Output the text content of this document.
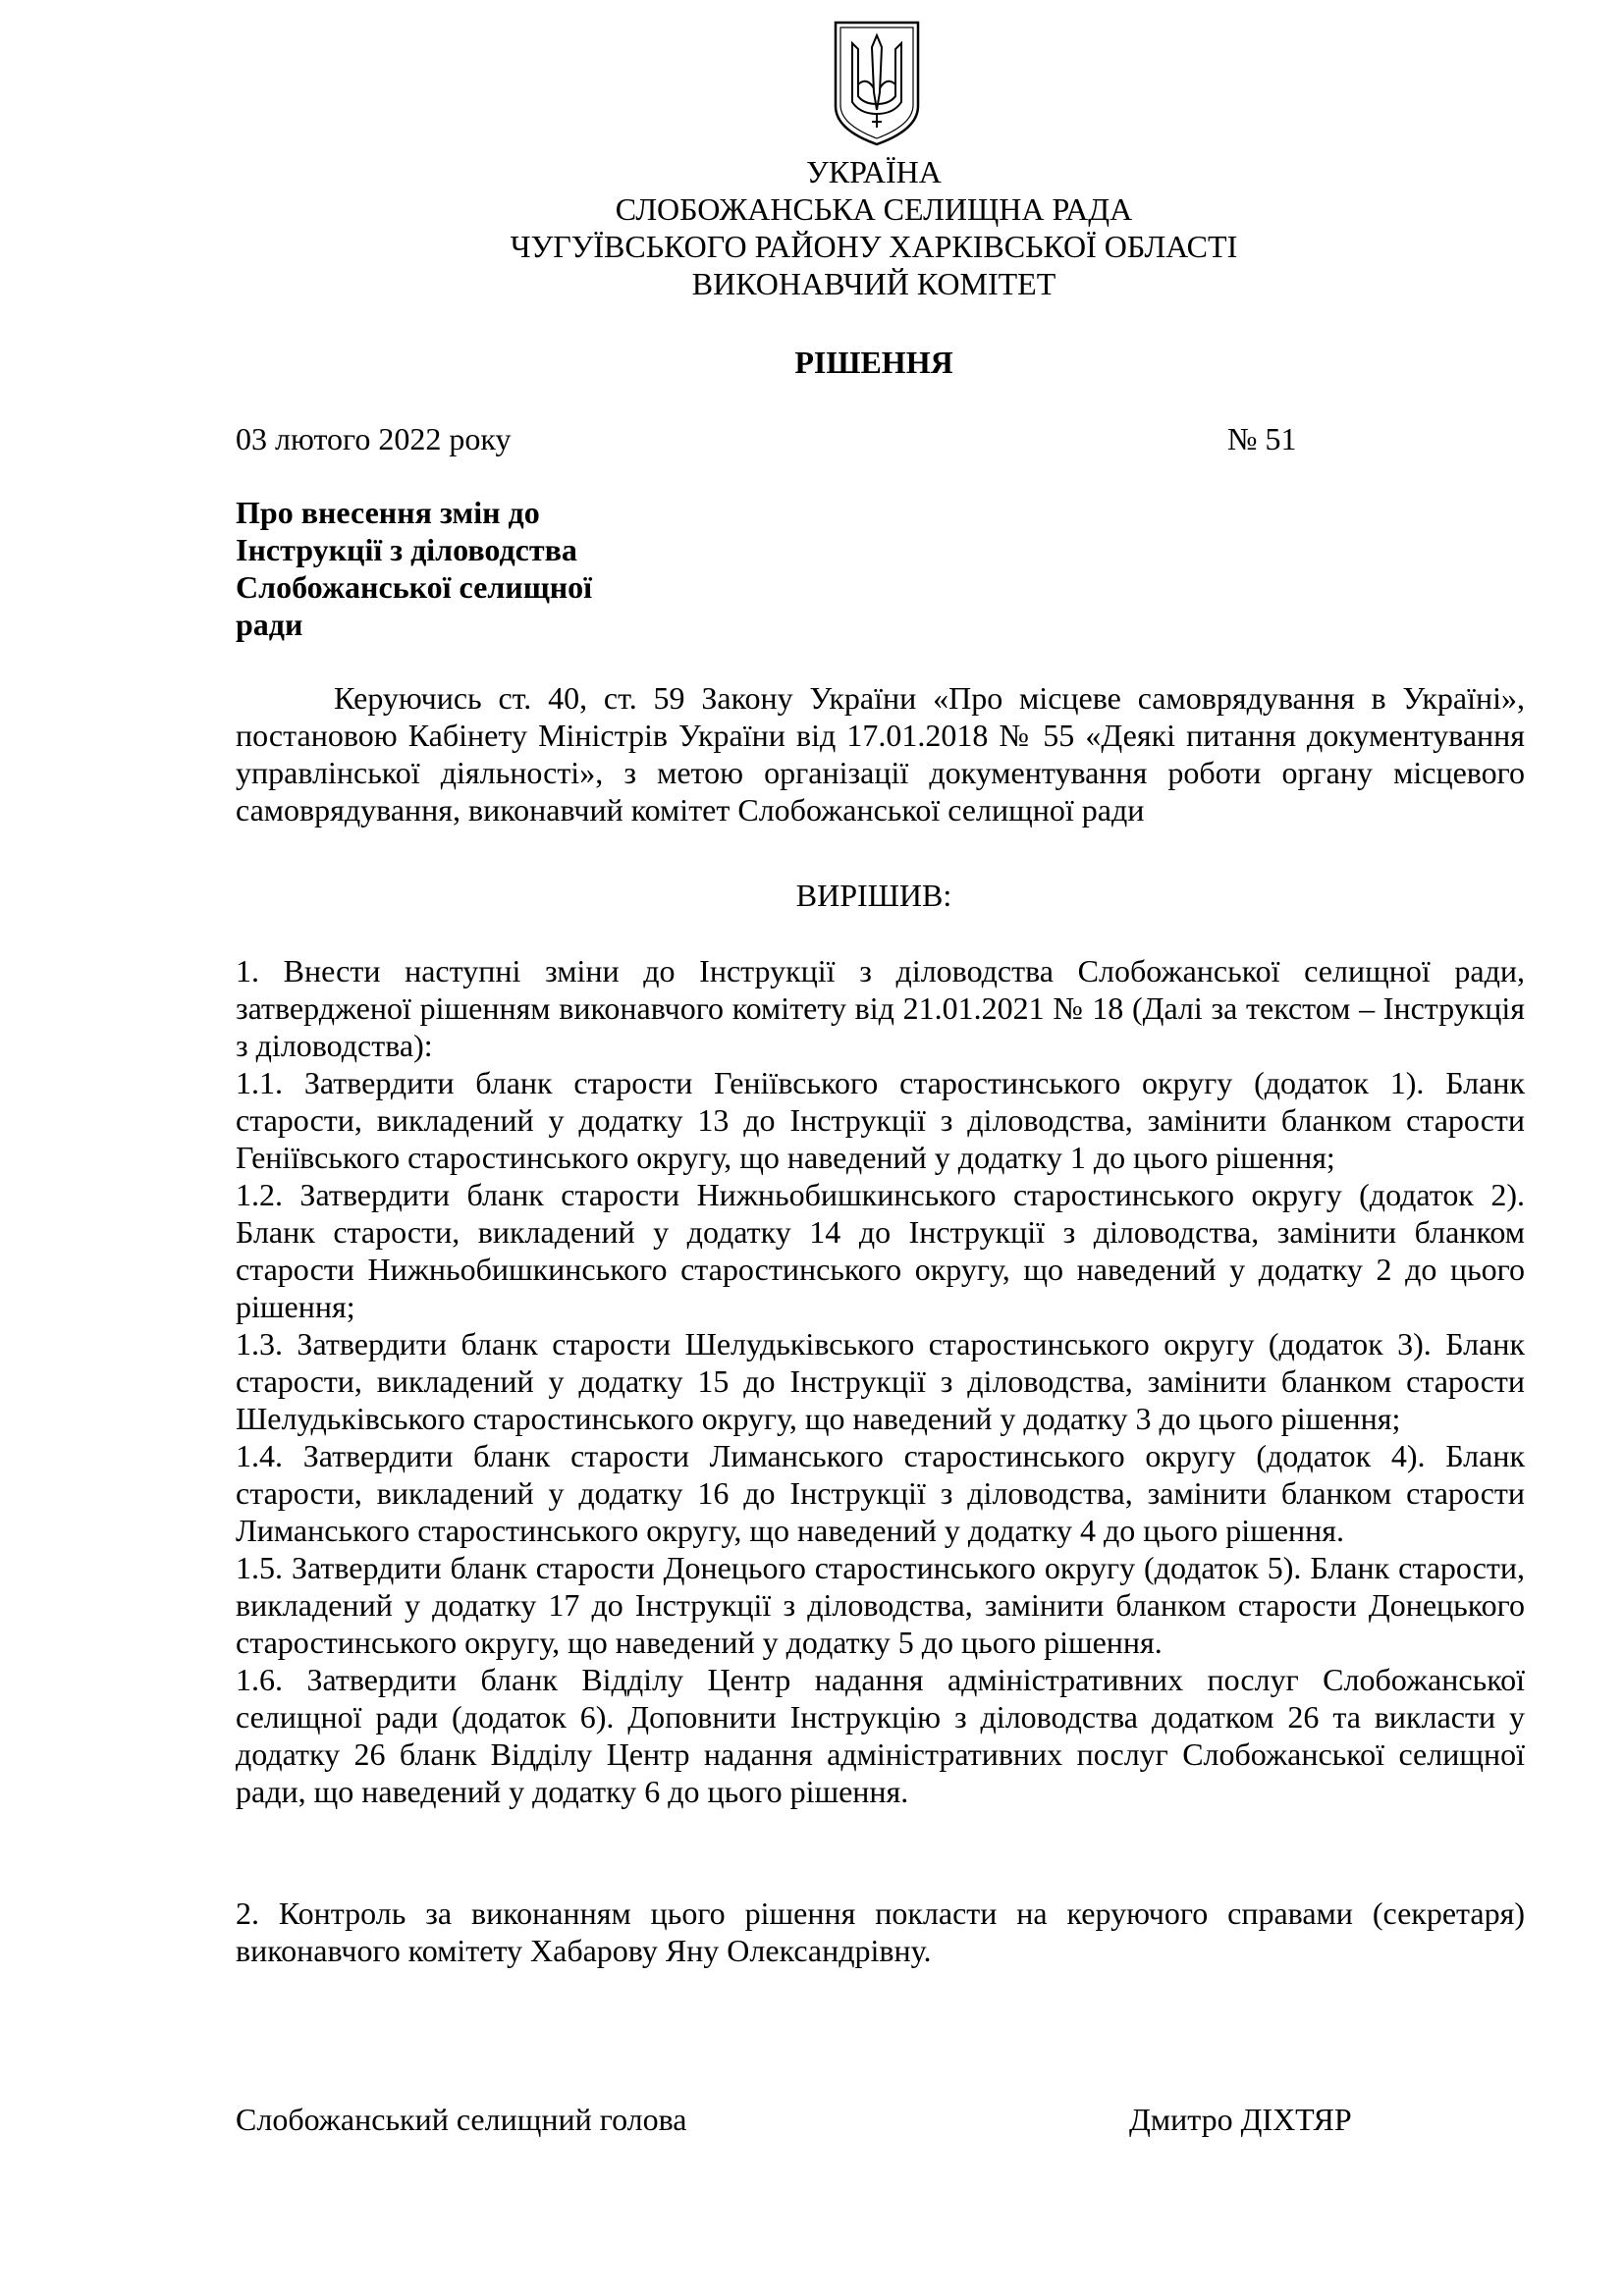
УКРАЇНА
СЛОБОЖАНСЬКА СЕЛИЩНА РАДА
ЧУГУЇВСЬКОГО РАЙОНУ ХАРКІВСЬКОЇ ОБЛАСТІ
ВИКОНАВЧИЙ КОМІТЕТ
РІШЕННЯ
03 лютого 2022 року	№ 51
Про внесення змін до
Інструкції з діловодства
Слобожанської селищної
ради
Керуючись ст. 40, ст. 59 Закону України «Про місцеве самоврядування в Україні», постановою Кабінету Міністрів України від 17.01.2018 № 55 «Деякі питання документування управлінської діяльності», з метою організації документування роботи органу місцевого самоврядування, виконавчий комітет Слобожанської селищної ради
ВИРІШИВ:
1. Внести наступні зміни до Інструкції з діловодства Слобожанської селищної ради, затвердженої рішенням виконавчого комітету від 21.01.2021 № 18 (Далі за текстом – Інструкція з діловодства):
1.1. Затвердити бланк старости Геніївського старостинського округу (додаток 1). Бланк старости, викладений у додатку 13 до Інструкції з діловодства, замінити бланком старости Геніївського старостинського округу, що наведений у додатку 1 до цього рішення;
1.2. Затвердити бланк старости Нижньобишкинського старостинського округу (додаток 2). Бланк старости, викладений у додатку 14 до Інструкції з діловодства, замінити бланком старости Нижньобишкинського старостинського округу, що наведений у додатку 2 до цього рішення;
1.3. Затвердити бланк старости Шелудьківського старостинського округу (додаток 3). Бланк старости, викладений у додатку 15 до Інструкції з діловодства, замінити бланком старости Шелудьківського старостинського округу, що наведений у додатку 3 до цього рішення;
1.4. Затвердити бланк старости Лиманського старостинського округу (додаток 4). Бланк старости, викладений у додатку 16 до Інструкції з діловодства, замінити бланком старости Лиманського старостинського округу, що наведений у додатку 4 до цього рішення.
1.5. Затвердити бланк старости Донецього старостинського округу (додаток 5). Бланк старости, викладений у додатку 17 до Інструкції з діловодства, замінити бланком старости Донецького старостинського округу, що наведений у додатку 5 до цього рішення.
1.6. Затвердити бланк Відділу Центр надання адміністративних послуг Слобожанської селищної ради (додаток 6). Доповнити Інструкцію з діловодства додатком 26 та викласти у додатку 26 бланк Відділу Центр надання адміністративних послуг Слобожанської селищної ради, що наведений у додатку 6 до цього рішення.
2. Контроль за виконанням цього рішення покласти на керуючого справами (секретаря) виконавчого комітету Хабарову Яну Олександрівну.
Слобожанський селищний голова	Дмитро ДІХТЯР
